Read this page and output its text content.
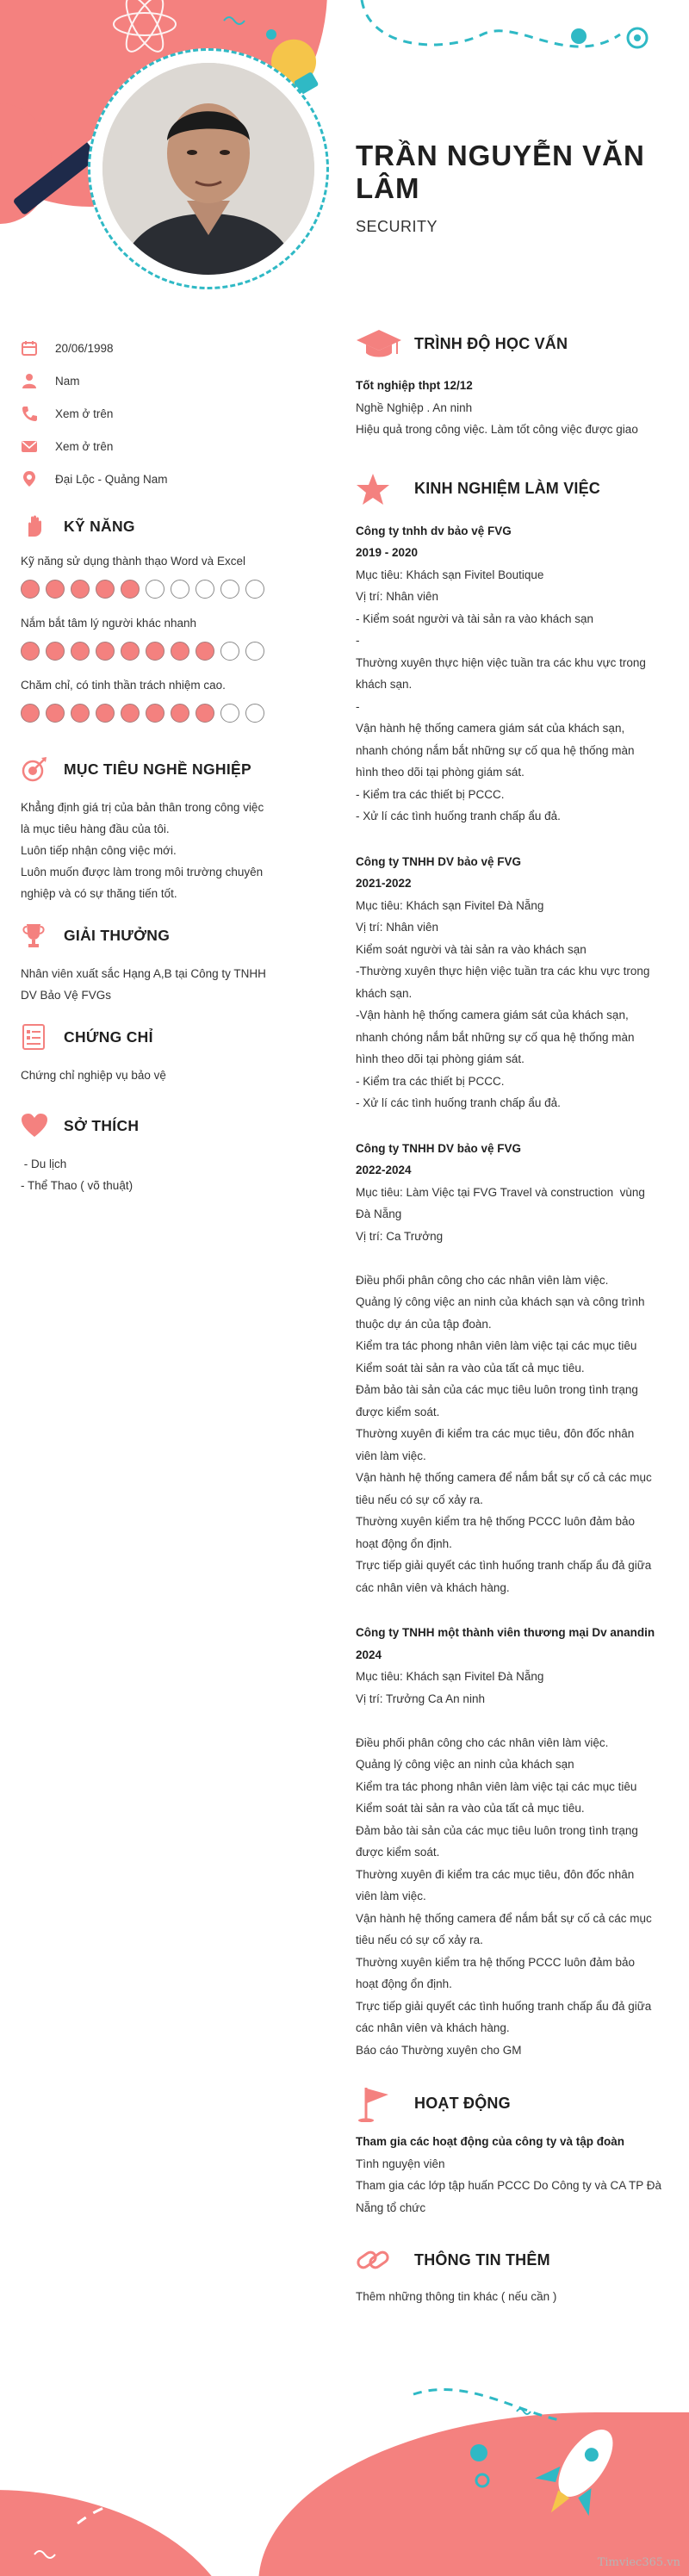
TRẦN NGUYỄN VĂN LÂM
SECURITY
20/06/1998
Nam
Xem ở trên
Xem ở trên
Đại Lộc - Quảng Nam
KỸ NĂNG
Kỹ năng sử dụng thành thạo Word và Excel
Nắm bắt tâm lý người khác nhanh
Chăm chỉ, có tinh thần trách nhiệm cao.
MỤC TIÊU NGHỀ NGHIỆP
Khẳng định giá trị của bản thân trong công việc
là mục tiêu hàng đầu của tôi.
Luôn tiếp nhận công việc mới.
Luôn muốn được làm trong môi trường chuyên
nghiệp và có sự thăng tiến tốt.
GIẢI THƯỞNG
Nhân viên xuất sắc Hạng A,B tại Công ty TNHH
DV Bảo Vệ FVGs
CHỨNG CHỈ
Chứng chỉ nghiệp vụ bảo vệ
SỞ THÍCH
- Du lịch
- Thể Thao ( võ thuật)
TRÌNH ĐỘ HỌC VẤN
Tốt nghiệp thpt 12/12
Nghề Nghiệp . An ninh
Hiệu quả trong công việc. Làm tốt công việc được giao
KINH NGHIỆM LÀM VIỆC
Công ty tnhh dv bảo vệ FVG
2019 - 2020
Mục tiêu: Khách sạn Fivitel Boutique
Vị trí: Nhân viên
- Kiểm soát người và tài sản ra vào khách sạn
-
Thường xuyên thực hiện việc tuần tra các khu vực trong
khách sạn.
-
Vận hành hệ thống camera giám sát của khách sạn,
nhanh chóng nắm bắt những sự cố qua hệ thống màn
hình theo dõi tại phòng giám sát.
- Kiểm tra các thiết bị PCCC.
- Xử lí các tình huống tranh chấp ẩu đả.
Công ty TNHH DV bảo vệ FVG
2021-2022
Mục tiêu: Khách sạn Fivitel Đà Nẵng
Vị trí: Nhân viên
Kiểm soát người và tài sản ra vào khách sạn
-Thường xuyên thực hiện việc tuần tra các khu vực trong
khách sạn.
-Vận hành hệ thống camera giám sát của khách sạn,
nhanh chóng nắm bắt những sự cố qua hệ thống màn
hình theo dõi tại phòng giám sát.
- Kiểm tra các thiết bị PCCC.
- Xử lí các tình huống tranh chấp ẩu đả.
Công ty TNHH DV bảo vệ FVG
2022-2024
Mục tiêu: Làm Việc tại FVG Travel và construction  vùng
Đà Nẵng
Vị trí: Ca Trưởng

Điều phối phân công cho các nhân viên làm việc.
Quảng lý công việc an ninh của khách sạn và công trình
thuộc dự án của tập đoàn.
Kiểm tra tác phong nhân viên làm việc tại các mục tiêu
Kiểm soát tài sản ra vào của tất cả mục tiêu.
Đảm bảo tài sản của các mục tiêu luôn trong tình trạng
được kiểm soát.
Thường xuyên đi kiểm tra các mục tiêu, đôn đốc nhân
viên làm việc.
Vận hành hệ thống camera để nắm bắt sự cố cả các mục
tiêu nếu có sự cố xảy ra.
Thường xuyên kiểm tra hệ thống PCCC luôn đảm bảo
hoạt động ổn định.
Trực tiếp giải quyết các tình huống tranh chấp ẩu đả giữa
các nhân viên và khách hàng.
Công ty TNHH một thành viên thương mại Dv anandin
2024
Mục tiêu: Khách sạn Fivitel Đà Nẵng
Vị trí: Trưởng Ca An ninh

Điều phối phân công cho các nhân viên làm việc.
Quảng lý công việc an ninh của khách sạn
Kiểm tra tác phong nhân viên làm việc tại các mục tiêu
Kiểm soát tài sản ra vào của tất cả mục tiêu.
Đảm bảo tài sản của các mục tiêu luôn trong tình trạng
được kiểm soát.
Thường xuyên đi kiểm tra các mục tiêu, đôn đốc nhân
viên làm việc.
Vận hành hệ thống camera để nắm bắt sự cố cả các mục
tiêu nếu có sự cố xảy ra.
Thường xuyên kiểm tra hệ thống PCCC luôn đảm bảo
hoạt động ổn định.
Trực tiếp giải quyết các tình huống tranh chấp ẩu đả giữa
các nhân viên và khách hàng.
Báo cáo Thường xuyên cho GM
HOẠT ĐỘNG
Tham gia các hoạt động của công ty và tập đoàn
Tình nguyện viên
Tham gia các lớp tập huấn PCCC Do Công ty và CA TP Đà
Nẵng tổ chức
THÔNG TIN THÊM
Thêm những thông tin khác ( nếu cần )
Timviec365.vn
